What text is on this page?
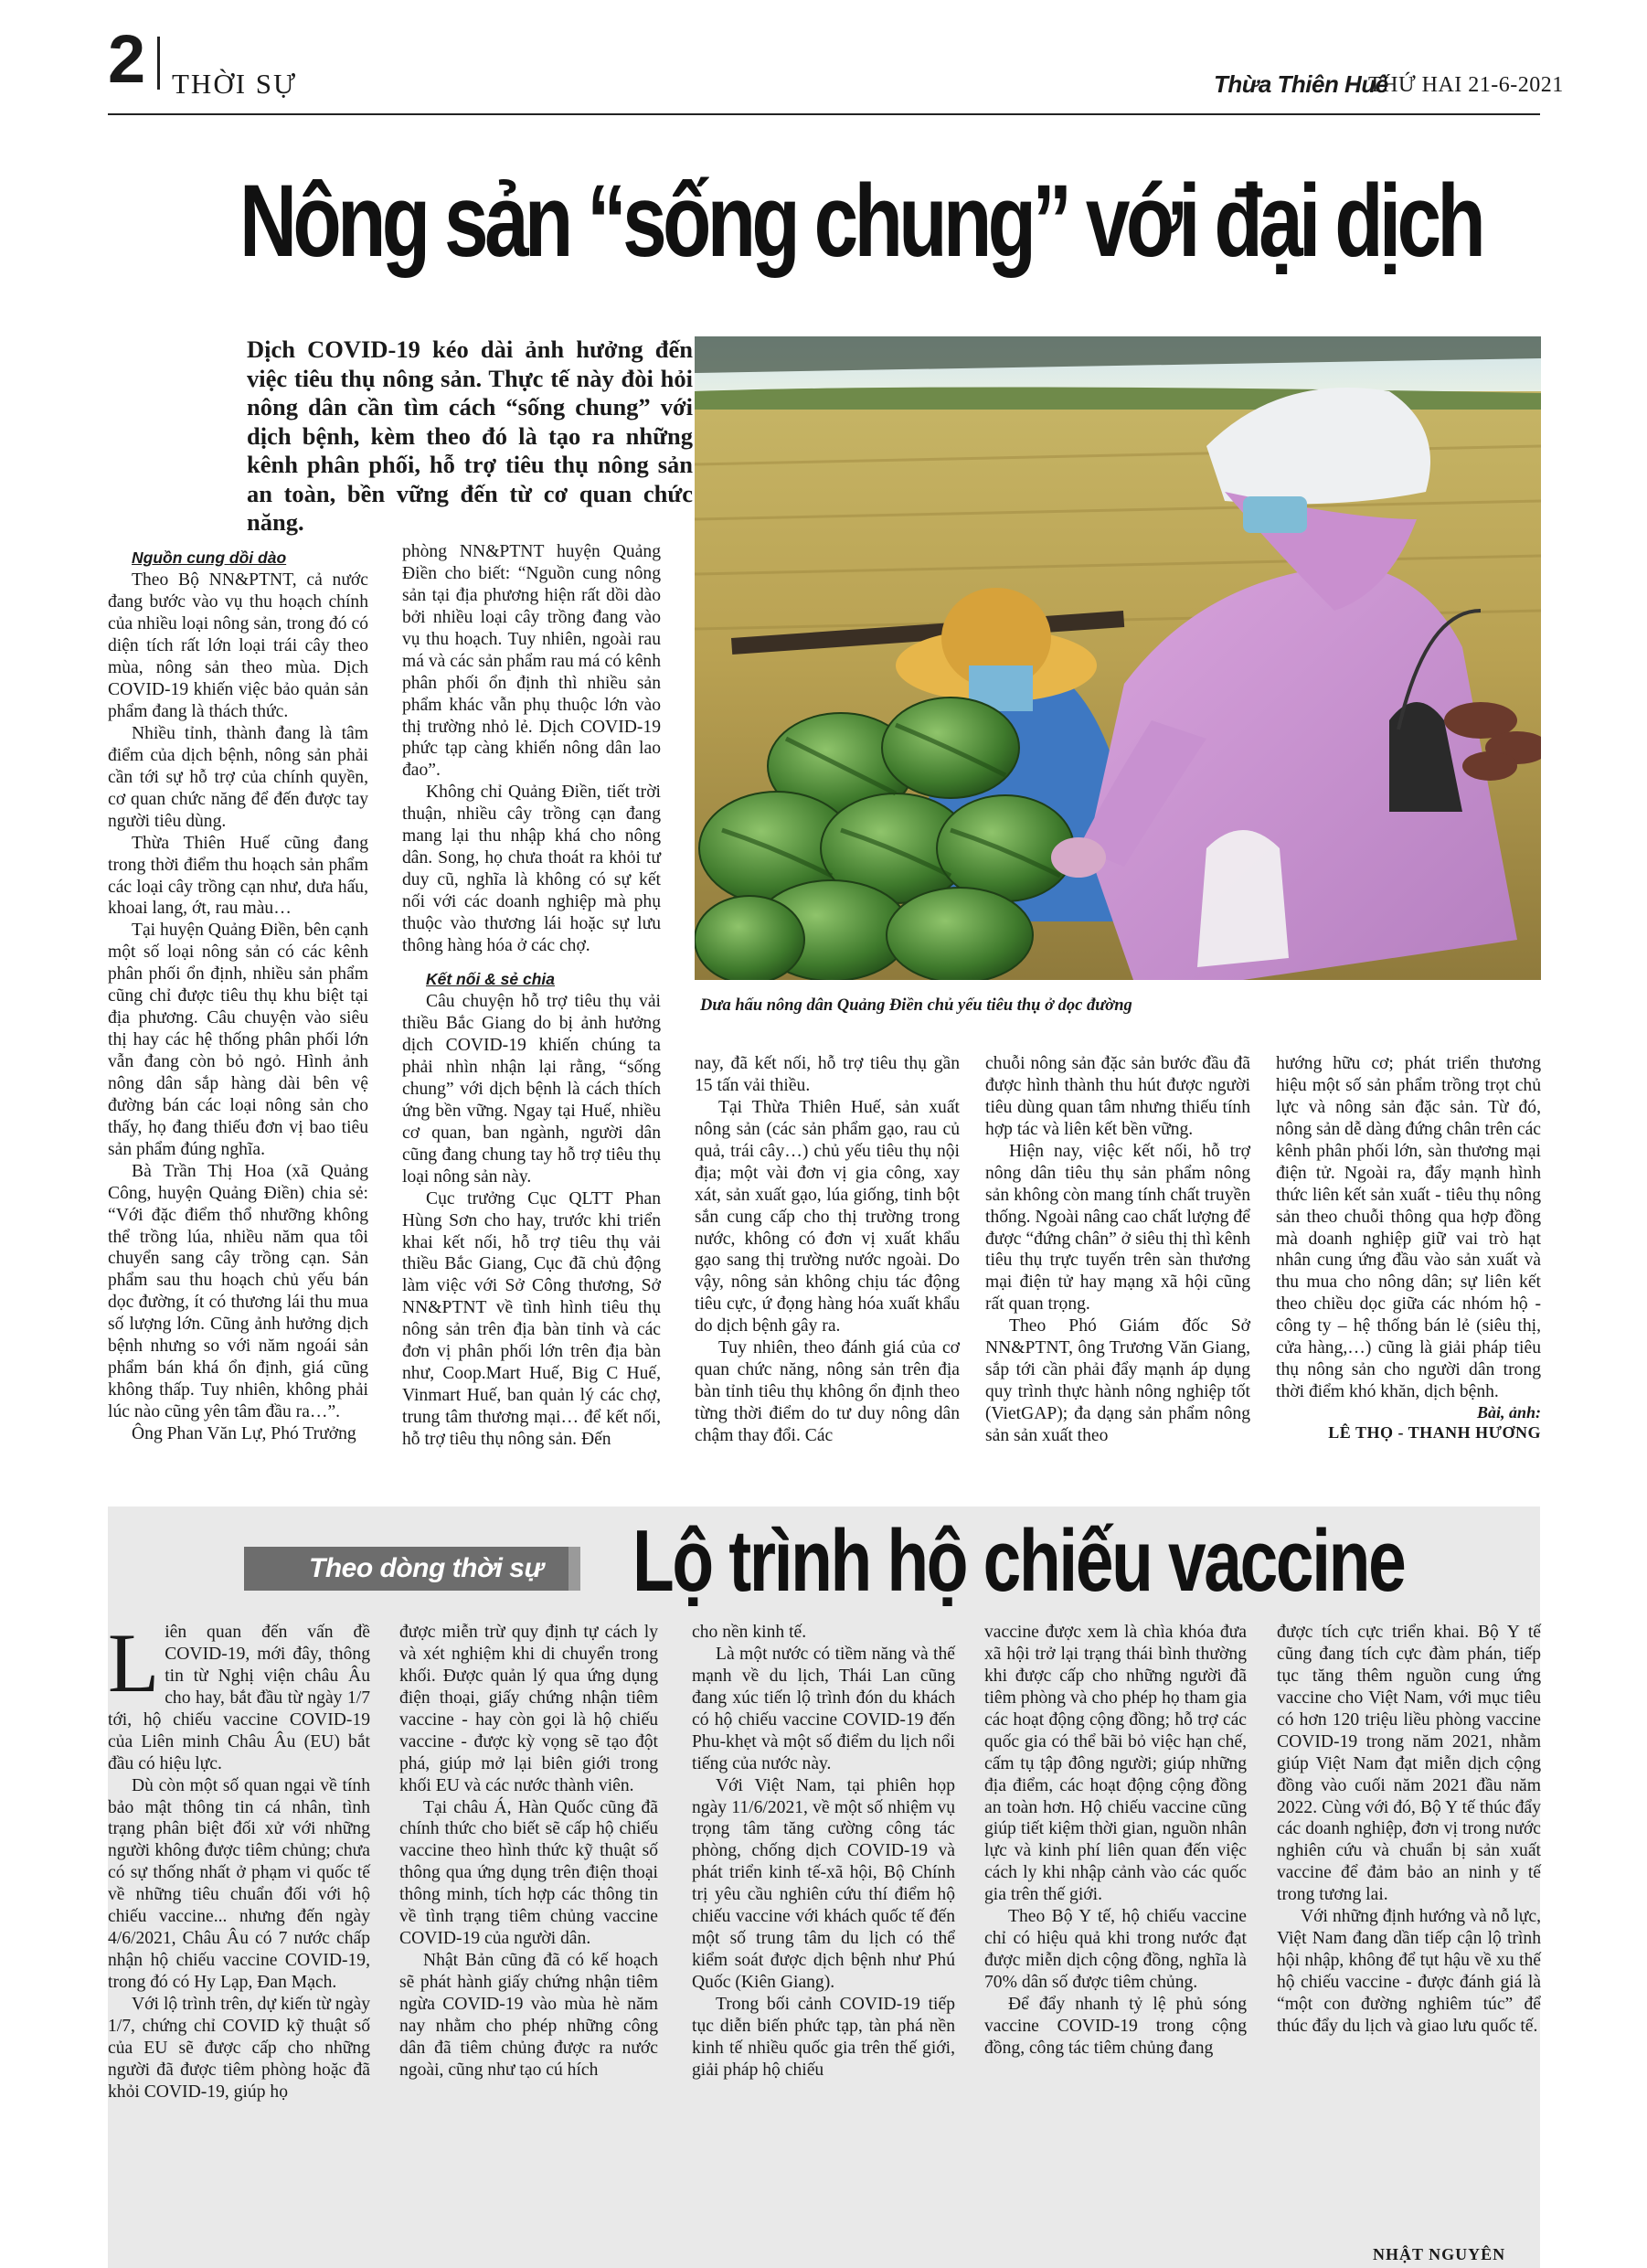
2 THỜI SỰ	Thừa Thiên Huế
THỨ HAI 21-6-2021
Nông sản “sống chung” với đại dịch
Dịch COVID-19 kéo dài ảnh hưởng đến việc tiêu thụ nông sản. Thực tế này đòi hỏi nông dân cần tìm cách “sống chung” với dịch bệnh, kèm theo đó là tạo ra những kênh phân phối, hỗ trợ tiêu thụ nông sản an toàn, bền vững đến từ cơ quan chức năng.
Dưa hấu nông dân Quảng Điền chủ yếu tiêu thụ ở dọc đường

Nguồn cung dồi dào

Theo Bộ NN&PTNT, cả nước đang bước vào vụ thu hoạch chính của nhiều loại nông sản, trong đó có diện tích rất lớn loại trái cây theo mùa, nông sản theo mùa. Dịch COVID-19 khiến việc bảo quản sản phẩm đang là thách thức.

Nhiều tỉnh, thành đang là tâm điểm của dịch bệnh, nông sản phải cần tới sự hỗ trợ của chính quyền, cơ quan chức năng để đến được tay người tiêu dùng.

Thừa Thiên Huế cũng đang trong thời điểm thu hoạch sản phẩm các loại cây trồng cạn như, dưa hấu, khoai lang, ớt, rau màu…

Tại huyện Quảng Điền, bên cạnh một số loại nông sản có các kênh phân phối ổn định, nhiều sản phẩm cũng chỉ được tiêu thụ khu biệt tại địa phương. Câu chuyện vào siêu thị hay các hệ thống phân phối lớn vẫn đang còn bỏ ngỏ. Hình ảnh nông dân sắp hàng dài bên vệ đường bán các loại nông sản cho thấy, họ đang thiếu đơn vị bao tiêu sản phẩm đúng nghĩa.

Bà Trần Thị Hoa (xã Quảng Công, huyện Quảng Điền) chia sẻ: “Với đặc điểm thổ nhưỡng không thể trồng lúa, nhiều năm qua tôi chuyển sang cây trồng cạn. Sản phẩm sau thu hoạch chủ yếu bán dọc đường, ít có thương lái thu mua số lượng lớn. Cũng ảnh hưởng dịch bệnh nhưng so với năm ngoái sản phẩm bán khá ổn định, giá cũng không thấp. Tuy nhiên, không phải lúc nào cũng yên tâm đầu ra…”.

Ông Phan Văn Lự, Phó Trưởng

phòng NN&PTNT huyện Quảng Điền cho biết: “Nguồn cung nông sản tại địa phương hiện rất dồi dào bởi nhiều loại cây trồng đang vào vụ thu hoạch. Tuy nhiên, ngoài rau má và các sản phẩm rau má có kênh phân phối ổn định thì nhiều sản phẩm khác vẫn phụ thuộc lớn vào thị trường nhỏ lẻ. Dịch COVID-19 phức tạp càng khiến nông dân lao đao”.

Không chỉ Quảng Điền, tiết trời thuận, nhiều cây trồng cạn đang mang lại thu nhập khá cho nông dân. Song, họ chưa thoát ra khỏi tư duy cũ, nghĩa là không có sự kết nối với các doanh nghiệp mà phụ thuộc vào thương lái hoặc sự lưu thông hàng hóa ở các chợ.

Kết nối & sẻ chia

Câu chuyện hỗ trợ tiêu thụ vải thiều Bắc Giang do bị ảnh hưởng dịch COVID-19 khiến chúng ta phải nhìn nhận lại rằng, “sống chung” với dịch bệnh là cách thích ứng bền vững. Ngay tại Huế, nhiều cơ quan, ban ngành, người dân cũng đang chung tay hỗ trợ tiêu thụ loại nông sản này.

Cục trưởng Cục QLTT Phan Hùng Sơn cho hay, trước khi triển khai kết nối, hỗ trợ tiêu thụ vải thiều Bắc Giang, Cục đã chủ động làm việc với Sở Công thương, Sở NN&PTNT về tình hình tiêu thụ nông sản trên địa bàn tỉnh và các đơn vị phân phối lớn trên địa bàn như, Coop.Mart Huế, Big C Huế, Vinmart Huế, ban quản lý các chợ, trung tâm thương mại… để kết nối, hỗ trợ tiêu thụ nông sản. Đến

nay, đã kết nối, hỗ trợ tiêu thụ gần 15 tấn vải thiều.

Tại Thừa Thiên Huế, sản xuất nông sản (các sản phẩm gạo, rau củ quả, trái cây…) chủ yếu tiêu thụ nội địa; một vài đơn vị gia công, xay xát, sản xuất gạo, lúa giống, tinh bột sắn cung cấp cho thị trường trong nước, không có đơn vị xuất khẩu gạo sang thị trường nước ngoài. Do vậy, nông sản không chịu tác động tiêu cực, ứ đọng hàng hóa xuất khẩu do dịch bệnh gây ra.

Tuy nhiên, theo đánh giá của cơ quan chức năng, nông sản trên địa bàn tỉnh tiêu thụ không ổn định theo từng thời điểm do tư duy nông dân chậm thay đổi. Các

chuỗi nông sản đặc sản bước đầu đã được hình thành thu hút được người tiêu dùng quan tâm nhưng thiếu tính hợp tác và liên kết bền vững.

Hiện nay, việc kết nối, hỗ trợ nông dân tiêu thụ sản phẩm nông sản không còn mang tính chất truyền thống. Ngoài nâng cao chất lượng để được “đứng chân” ở siêu thị thì kênh tiêu thụ trực tuyến trên sàn thương mại điện tử hay mạng xã hội cũng rất quan trọng.

Theo Phó Giám đốc Sở NN&PTNT, ông Trương Văn Giang, sắp tới cần phải đẩy mạnh áp dụng quy trình thực hành nông nghiệp tốt (VietGAP); đa dạng sản phẩm nông sản sản xuất theo

hướng hữu cơ; phát triển thương hiệu một số sản phẩm trồng trọt chủ lực và nông sản đặc sản. Từ đó, nông sản dễ dàng đứng chân trên các kênh phân phối lớn, sàn thương mại điện tử. Ngoài ra, đẩy mạnh hình thức liên kết sản xuất - tiêu thụ nông sản theo chuỗi thông qua hợp đồng mà doanh nghiệp giữ vai trò hạt nhân cung ứng đầu vào sản xuất và thu mua cho nông dân; sự liên kết theo chiều dọc giữa các nhóm hộ - công ty – hệ thống bán lẻ (siêu thị, cửa hàng,…) cũng là giải pháp tiêu thụ nông sản cho người dân trong thời điểm khó khăn, dịch bệnh.

Bài, ảnh:

LÊ THỌ - THANH HƯƠNG

Theo dòng thời sự	Lộ trình hộ chiếu vaccine

Liên quan đến vấn đề COVID-19, mới đây, thông tin từ Nghị viện châu Âu cho hay, bắt đầu từ ngày 1/7 tới, hộ chiếu vaccine COVID-19 của Liên minh Châu Âu (EU) bắt đầu có hiệu lực.

Dù còn một số quan ngại về tính bảo mật thông tin cá nhân, tình trạng phân biệt đối xử với những người không được tiêm chủng; chưa có sự thống nhất ở phạm vi quốc tế về những tiêu chuẩn đối với hộ chiếu vaccine... nhưng đến ngày 4/6/2021, Châu Âu có 7 nước chấp nhận hộ chiếu vaccine COVID-19, trong đó có Hy Lạp, Đan Mạch.

Với lộ trình trên, dự kiến từ ngày 1/7, chứng chỉ COVID kỹ thuật số của EU sẽ được cấp cho những người đã được tiêm phòng hoặc đã khỏi COVID-19, giúp họ

được miễn trừ quy định tự cách ly và xét nghiệm khi di chuyển trong khối. Được quản lý qua ứng dụng điện thoại, giấy chứng nhận tiêm vaccine - hay còn gọi là hộ chiếu vaccine - được kỳ vọng sẽ tạo đột phá, giúp mở lại biên giới trong khối EU và các nước thành viên.

Tại châu Á, Hàn Quốc cũng đã chính thức cho biết sẽ cấp hộ chiếu vaccine theo hình thức kỹ thuật số thông qua ứng dụng trên điện thoại thông minh, tích hợp các thông tin về tình trạng tiêm chủng vaccine COVID-19 của người dân.

Nhật Bản cũng đã có kế hoạch sẽ phát hành giấy chứng nhận tiêm ngừa COVID-19 vào mùa hè năm nay nhằm cho phép những công dân đã tiêm chủng được ra nước ngoài, cũng như tạo cú hích

cho nền kinh tế.

Là một nước có tiềm năng và thế mạnh về du lịch, Thái Lan cũng đang xúc tiến lộ trình đón du khách có hộ chiếu vaccine COVID-19 đến Phu-khẹt và một số điểm du lịch nổi tiếng của nước này.

Với Việt Nam, tại phiên họp ngày 11/6/2021, về một số nhiệm vụ trọng tâm tăng cường công tác phòng, chống dịch COVID-19 và phát triển kinh tế-xã hội, Bộ Chính trị yêu cầu nghiên cứu thí điểm hộ chiếu vaccine với khách quốc tế đến một số trung tâm du lịch có thể kiểm soát được dịch bệnh như Phú Quốc (Kiên Giang).

Trong bối cảnh COVID-19 tiếp tục diễn biến phức tạp, tàn phá nền kinh tế nhiều quốc gia trên thế giới, giải pháp hộ chiếu

vaccine được xem là chìa khóa đưa xã hội trở lại trạng thái bình thường khi được cấp cho những người đã tiêm phòng và cho phép họ tham gia các hoạt động cộng đồng; hỗ trợ các quốc gia có thể bãi bỏ việc hạn chế, cấm tụ tập đông người; giúp những địa điểm, các hoạt động cộng đồng an toàn hơn. Hộ chiếu vaccine cũng giúp tiết kiệm thời gian, nguồn nhân lực và kinh phí liên quan đến việc cách ly khi nhập cảnh vào các quốc gia trên thế giới.

Theo Bộ Y tế, hộ chiếu vaccine chỉ có hiệu quả khi trong nước đạt được miễn dịch cộng đồng, nghĩa là 70% dân số được tiêm chủng.

Để đẩy nhanh tỷ lệ phủ sóng vaccine COVID-19 trong cộng đồng, công tác tiêm chủng đang

được tích cực triển khai. Bộ Y tế cũng đang tích cực đàm phán, tiếp tục tăng thêm nguồn cung ứng vaccine cho Việt Nam, với mục tiêu có hơn 120 triệu liều phòng vaccine COVID-19 trong năm 2021, nhằm giúp Việt Nam đạt miễn dịch cộng đồng vào cuối năm 2021 đầu năm 2022. Cùng với đó, Bộ Y tế thúc đẩy các doanh nghiệp, đơn vị trong nước nghiên cứu và chuẩn bị sản xuất vaccine để đảm bảo an ninh y tế trong tương lai.

Với những định hướng và nỗ lực, Việt Nam đang dần tiếp cận lộ trình hội nhập, không để tụt hậu về xu thế hộ chiếu vaccine - được đánh giá là “một con đường nghiêm túc” để thúc đẩy du lịch và giao lưu quốc tế.

NHẬT NGUYÊN
